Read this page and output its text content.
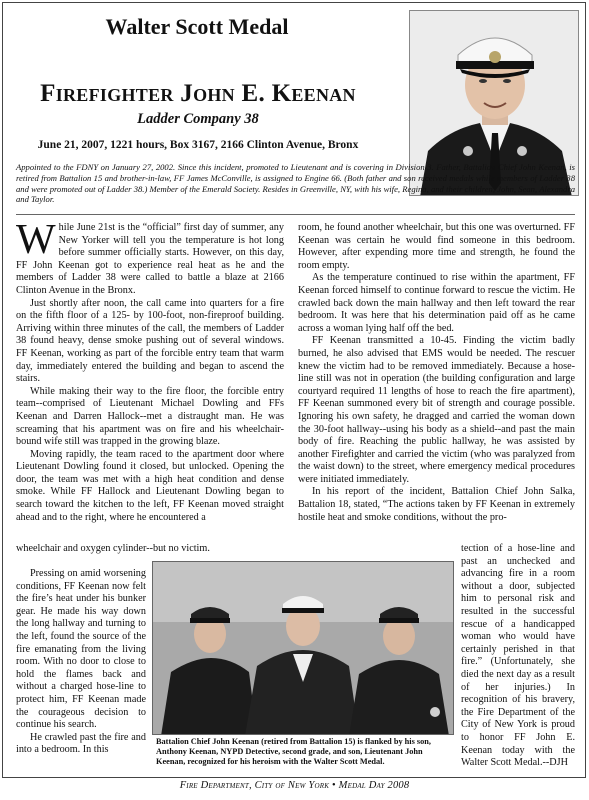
Walter Scott Medal
Firefighter John E. Keenan
Ladder Company 38
June 21, 2007, 1221 hours, Box 3167, 2166 Clinton Avenue, Bronx
Appointed to the FDNY on January 27, 2002. Since this incident, promoted to Lieutenant and is covering in Division 3. Father, Battalion Chief John Keenan, is retired from Battalion 15 and brother-in-law, FF James McConville, is assigned to Engine 66. (Both father and son received medals while members of Ladder 38 and were promoted out of Ladder 38.) Member of the Emerald Society. Resides in Greenville, NY, with his wife, Regina, and their children, John, Sean, Alexandra and Taylor.

While June 21st is the “official” first day of summer, any New Yorker will tell you the temperature is hot long before summer officially starts. However, on this day, FF John Keenan got to experience real heat as he and the members of Ladder 38 were called to battle a blaze at 2166 Clinton Avenue in the Bronx.

Just shortly after noon, the call came into quarters for a fire on the fifth floor of a 125- by 100-foot, non-fireproof building. Arriving within three minutes of the call, the members of Ladder 38 found heavy, dense smoke pushing out of several windows. FF Keenan, working as part of the forcible entry team that warm day, immediately entered the building and began to ascend the stairs.

While making their way to the fire floor, the forcible entry team--comprised of Lieutenant Michael Dowling and FFs Keenan and Darren Hallock--met a distraught man. He was screaming that his apartment was on fire and his wheelchair-bound wife still was trapped in the growing blaze.

Moving rapidly, the team raced to the apartment door where Lieutenant Dowling found it closed, but unlocked. Opening the door, the team was met with a high heat condition and dense smoke. While FF Hallock and Lieutenant Dowling began to search toward the kitchen to the left, FF Keenan moved straight ahead and to the right, where he encountered a

room, he found another wheelchair, but this one was overturned. FF Keenan was certain he would find someone in this bedroom. However, after expending more time and strength, he found the room empty.

As the temperature continued to rise within the apartment, FF Keenan forced himself to continue forward to rescue the victim. He crawled back down the main hallway and then left toward the rear bedroom. It was here that his determination paid off as he came across a woman lying half off the bed.

FF Keenan transmitted a 10-45. Finding the victim badly burned, he also advised that EMS would be needed. The rescuer knew the victim had to be removed immediately. Because a hose-line still was not in operation (the building configuration and large courtyard required 11 lengths of hose to reach the fire apartment), FF Keenan summoned every bit of strength and courage possible. Ignoring his own safety, he dragged and carried the woman down the 30-foot hallway--using his body as a shield--and past the main body of fire. Reaching the public hallway, he was assisted by another Firefighter and carried the victim (who was paralyzed from the waist down) to the street, where emergency medical procedures were initiated immediately.

In his report of the incident, Battalion Chief John Salka, Battalion 18, stated, “The actions taken by FF Keenan in extremely hostile heat and smoke conditions, without the pro-

wheelchair and oxygen cylinder--but no victim.

Pressing on amid worsening conditions, FF Keenan now felt the fire’s heat under his bunker gear. He made his way down the long hallway and turning to the left, found the source of the fire emanating from the living room. With no door to close to hold the flames back and without a charged hose-line to protect him, FF Keenan made the courageous decision to continue his search.

He crawled past the fire and into a bedroom. In this

tection of a hose-line and past an unchecked and advancing fire in a room without a door, subjected him to personal risk and resulted in the successful rescue of a handicapped woman who would have certainly perished in that fire.” (Unfortunately, she died the next day as a result of her injuries.) In recognition of his bravery, the Fire Department of the City of New York is proud to honor FF John E. Keenan today with the Walter Scott Medal.--DJH

Battalion Chief John Keenan (retired from Battalion 15) is flanked by his son, Anthony Keenan, NYPD Detective, second grade, and son, Lieutenant John Keenan, recognized for his heroism with the Walter Scott Medal.
Fire Department, City of New York • Medal Day 2008
